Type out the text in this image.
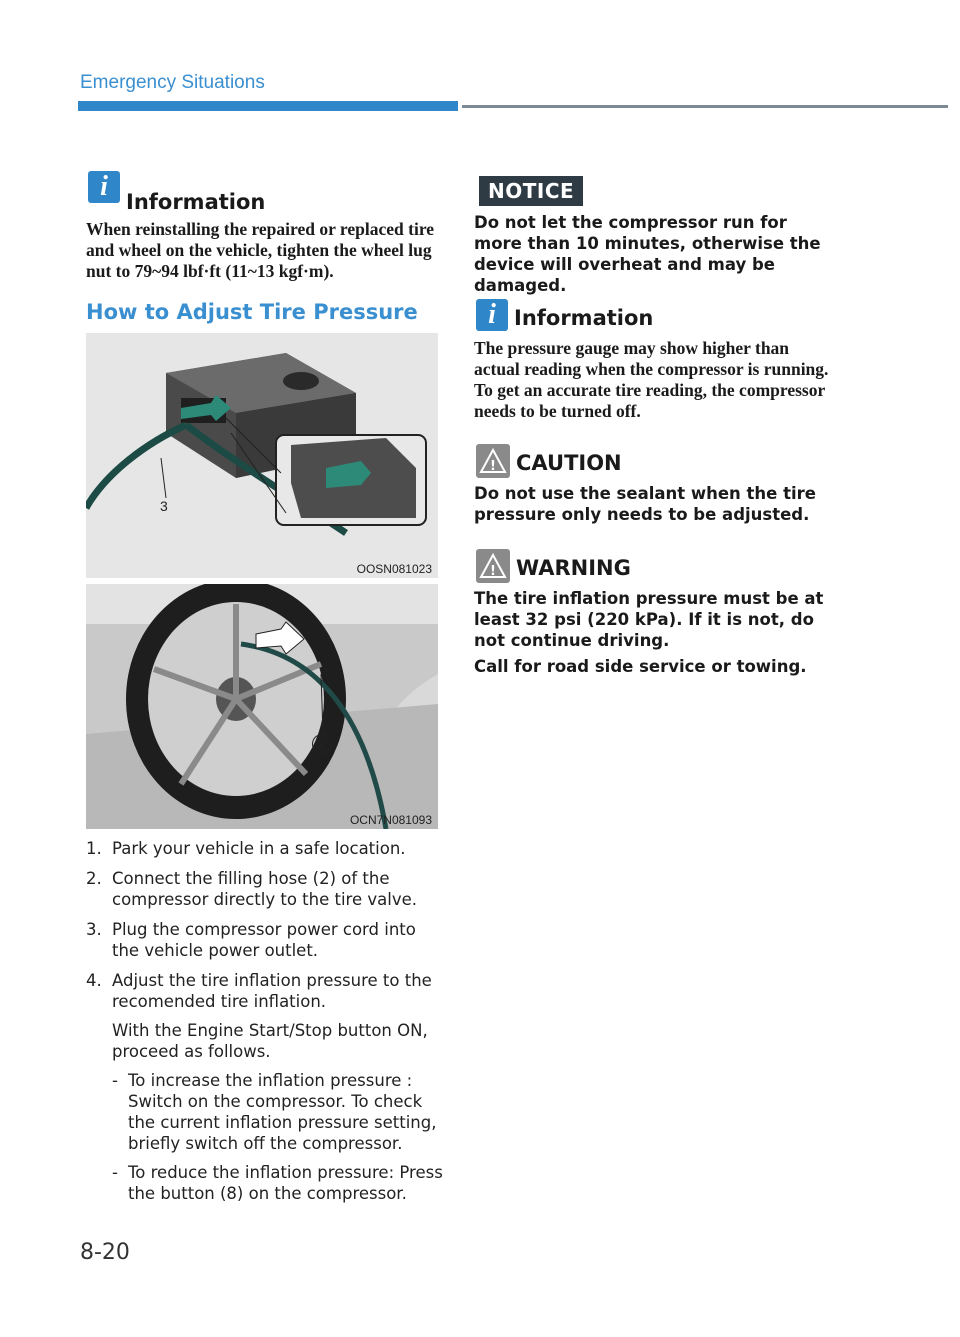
Emergency Situations
i Information
When reinstalling the repaired or replaced tire and wheel on the vehicle, tighten the wheel lug nut to 79~94 lbf·ft (11~13 kgf·m).
How to Adjust Tire Pressure
3
OOSN081023
2
OCN7N081093
1. Park your vehicle in a safe location.
2. Connect the filling hose (2) of the compressor directly to the tire valve.
3. Plug the compressor power cord into the vehicle power outlet.
4. Adjust the tire inflation pressure to the recomended tire inflation.
With the Engine Start/Stop button ON, proceed as follows.
- To increase the inflation pressure : Switch on the compressor. To check the current inflation pressure setting, briefly switch off the compressor.
- To reduce the inflation pressure: Press the button (8) on the compressor.
NOTICE
Do not let the compressor run for more than 10 minutes, otherwise the device will overheat and may be damaged.
i Information
The pressure gauge may show higher than actual reading when the compressor is running. To get an accurate tire reading, the compressor needs to be turned off.
! CAUTION
Do not use the sealant when the tire pressure only needs to be adjusted.
! WARNING
The tire inflation pressure must be at least 32 psi (220 kPa). If it is not, do not continue driving.
Call for road side service or towing.
8-20
